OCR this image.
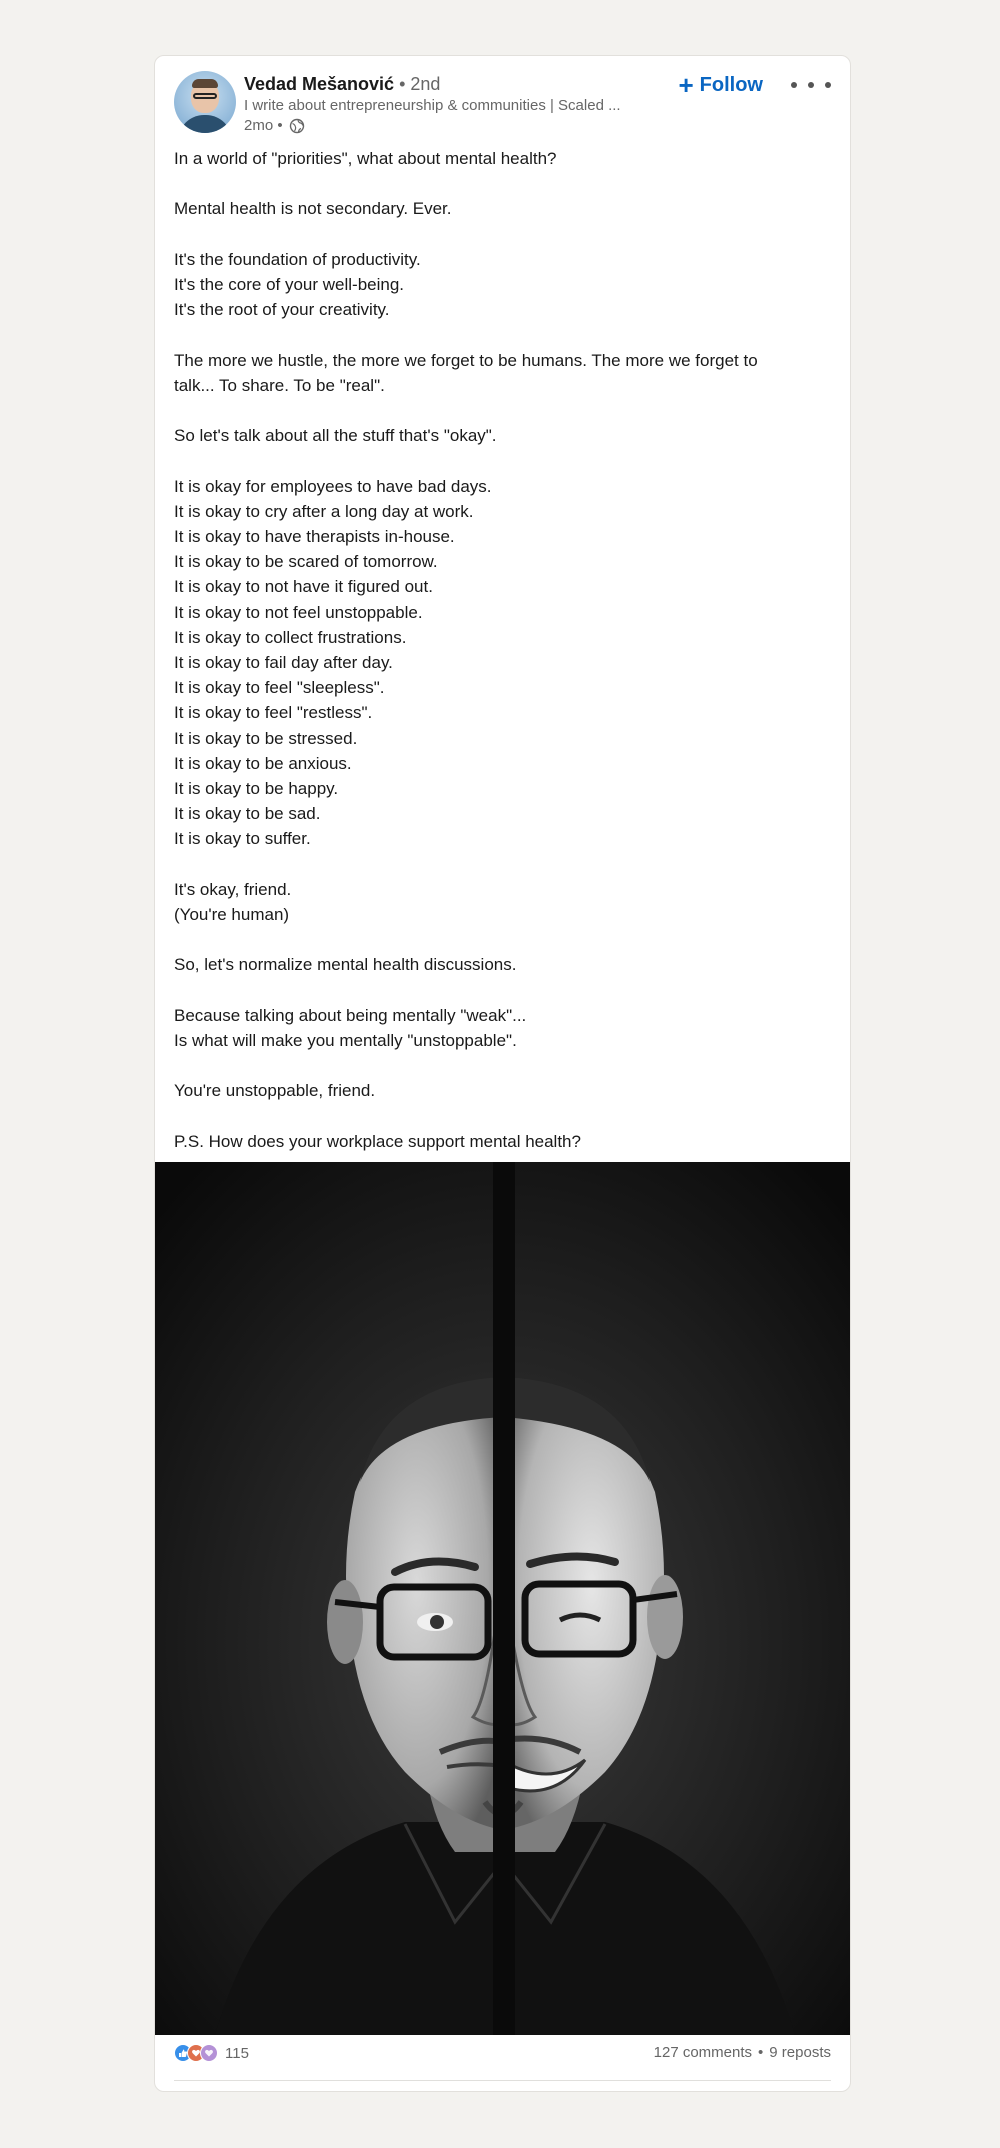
Vedad Mešanović • 2nd
I write about entrepreneurship & communities | Scaled ...
2mo •
+ Follow
In a world of "priorities", what about mental health?
Mental health is not secondary. Ever.
It's the foundation of productivity.
It's the core of your well-being.
It's the root of your creativity.
The more we hustle, the more we forget to be humans. The more we forget to
talk... To share. To be "real".
So let's talk about all the stuff that's "okay".
It is okay for employees to have bad days.
It is okay to cry after a long day at work.
It is okay to have therapists in-house.
It is okay to be scared of tomorrow.
It is okay to not have it figured out.
It is okay to not feel unstoppable.
It is okay to collect frustrations.
It is okay to fail day after day.
It is okay to feel "sleepless".
It is okay to feel "restless".
It is okay to be stressed.
It is okay to be anxious.
It is okay to be happy.
It is okay to be sad.
It is okay to suffer.
It's okay, friend.
(You're human)
So, let's normalize mental health discussions.
Because talking about being mentally "weak"...
Is what will make you mentally "unstoppable".
You're unstoppable, friend.
P.S. How does your workplace support mental health?
115	127 comments • 9 reposts
